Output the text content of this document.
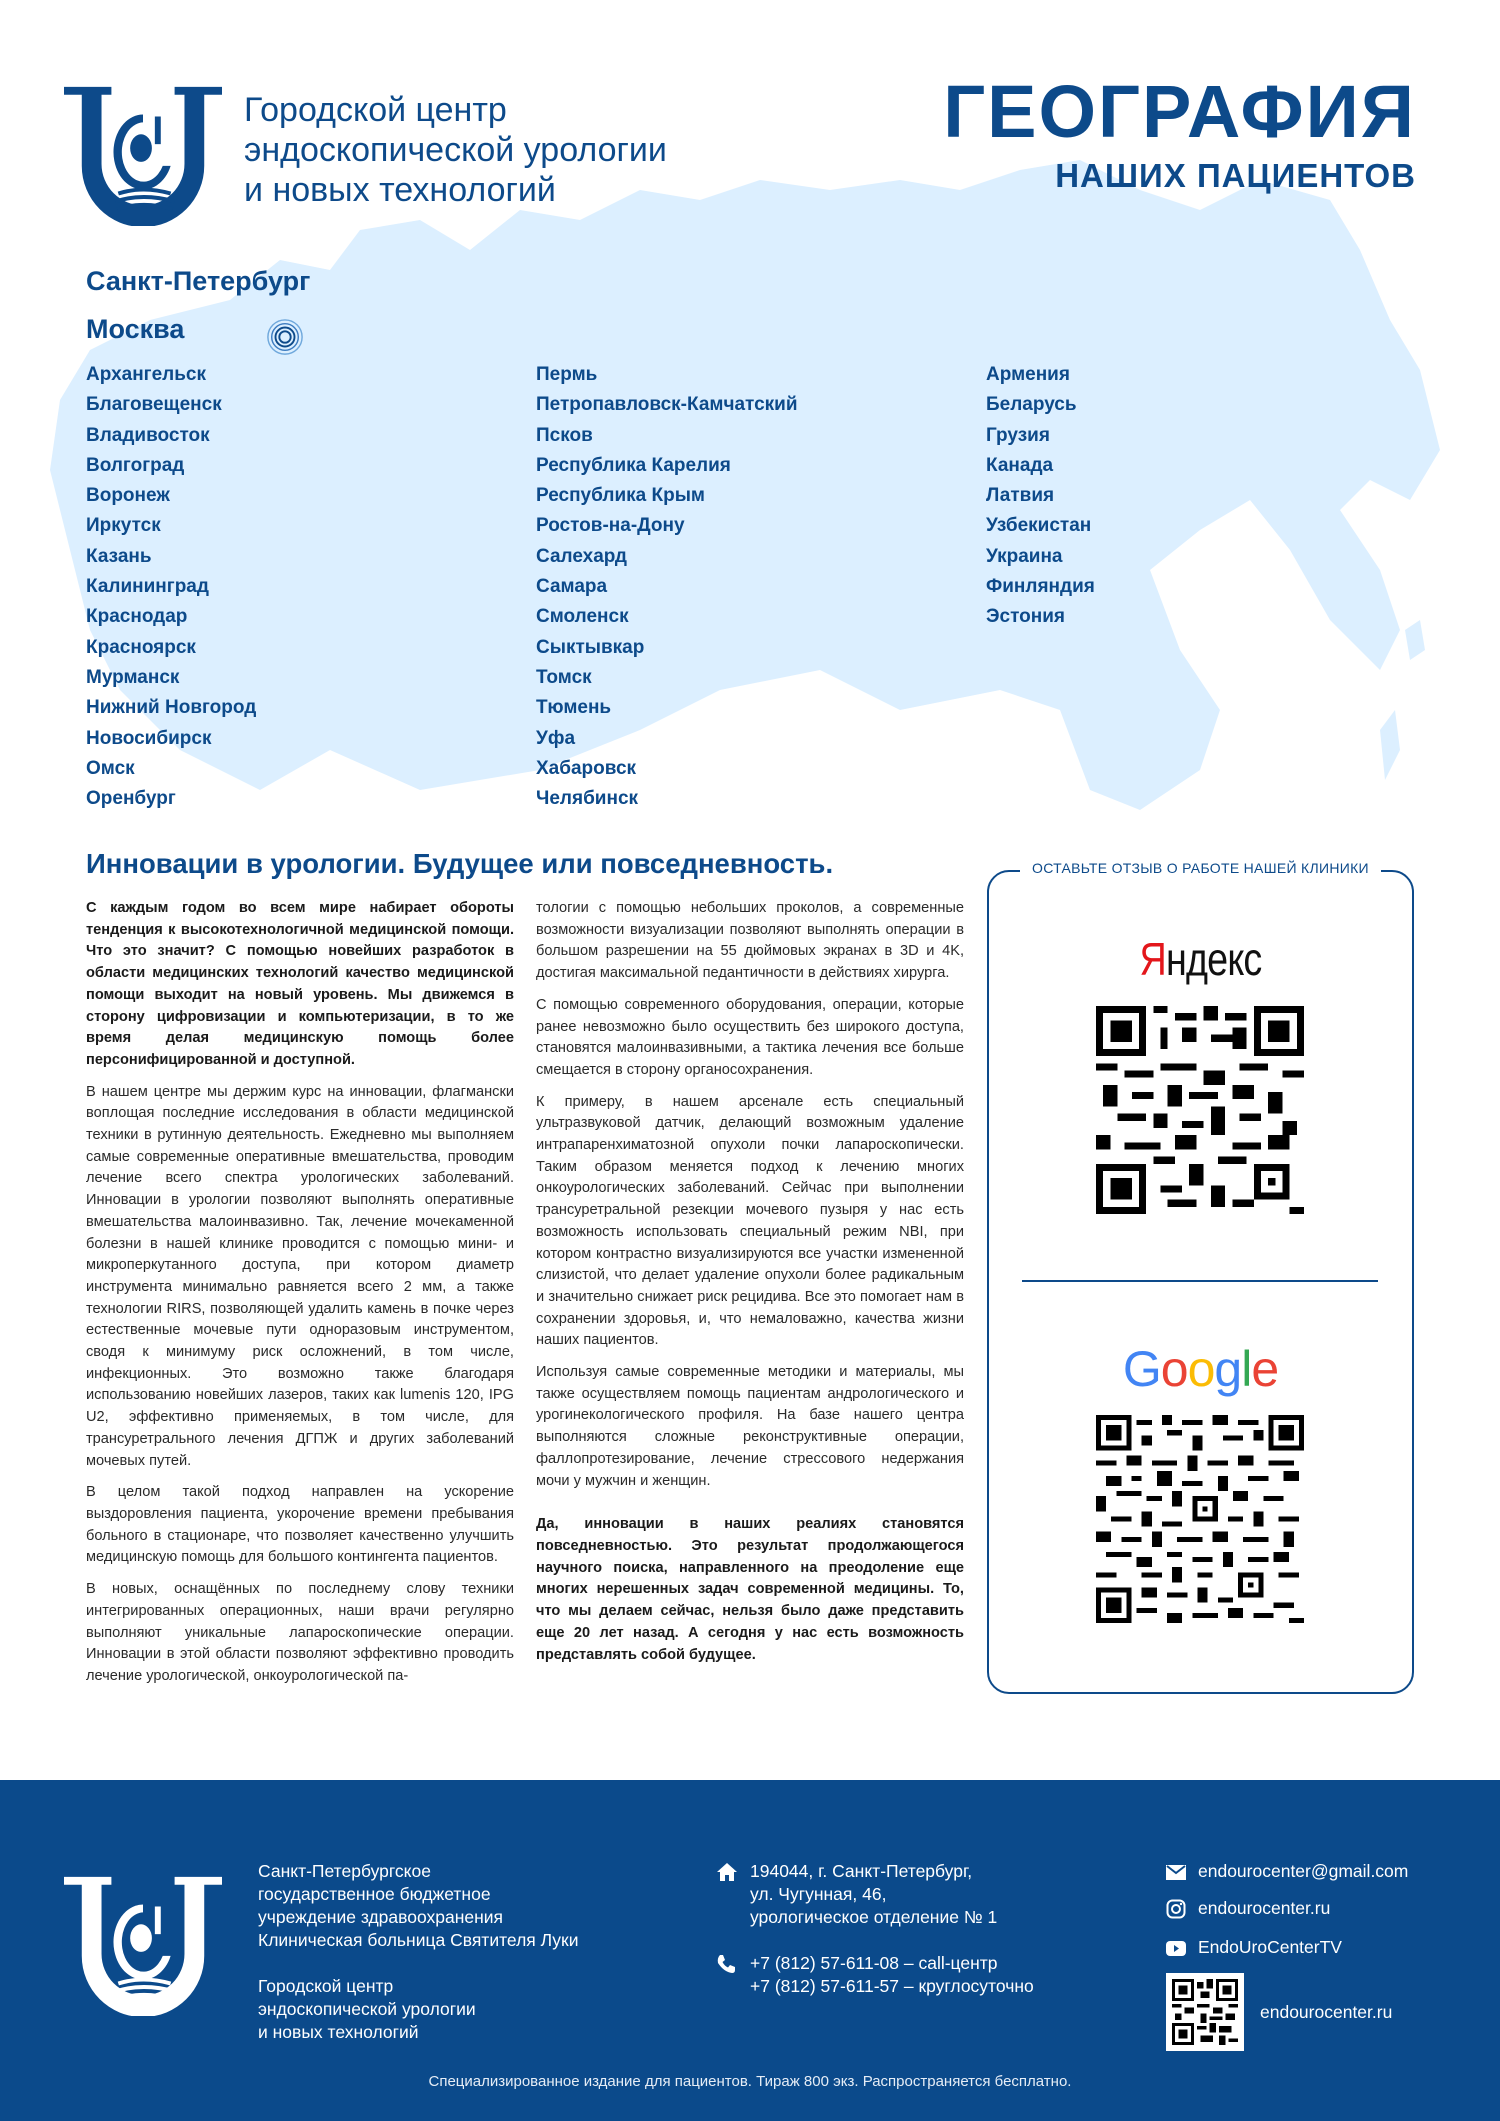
Городской центр
эндоскопической урологии
и новых технологий
ГЕОГРАФИЯ
НАШИХ ПАЦИЕНТОВ
Санкт-Петербург
Москва
Архангельск
Благовещенск
Владивосток
Волгоград
Воронеж
Иркутск
Казань
Калининград
Краснодар
Красноярск
Мурманск
Нижний Новгород
Новосибирск
Омск
Оренбург
Пермь
Петропавловск-Камчатский
Псков
Республика Карелия
Республика Крым
Ростов-на-Дону
Салехард
Самара
Смоленск
Сыктывкар
Томск
Тюмень
Уфа
Хабаровск
Челябинск
Армения
Беларусь
Грузия
Канада
Латвия
Узбекистан
Украина
Финляндия
Эстония
Инновации в урологии. Будущее или повседневность.

С каждым годом во всем мире набирает обороты тенденция к высокотехнологичной медицинской помощи. Что это значит? С помощью новейших разработок в области медицинских технологий качество медицинской помощи выходит на новый уровень. Мы движемся в сторону цифровизации и компьютеризации, в то же время делая медицинскую помощь более персонифицированной и доступной.

В нашем центре мы держим курс на инновации, флагмански воплощая последние исследования в области медицинской техники в рутинную деятельность. Ежедневно мы выполняем самые современные оперативные вмешательства, проводим лечение всего спектра урологических заболеваний. Инновации в урологии позволяют выполнять оперативные вмешательства малоинвазивно. Так, лечение мочекаменной болезни в нашей клинике проводится с помощью мини- и микроперкутанного доступа, при котором диаметр инструмента минимально равняется всего 2 мм, а также технологии RIRS, позволяющей удалить камень в почке через естественные мочевые пути одноразовым инструментом, сводя к минимуму риск осложнений, в том числе, инфекционных. Это возможно также благодаря использованию новейших лазеров, таких как lumenis 120, IPG U2, эффективно применяемых, в том числе, для трансуретрального лечения ДГПЖ и других заболеваний мочевых путей.

В целом такой подход направлен на ускорение выздоровления пациента, укорочение времени пребывания больного в стационаре, что позволяет качественно улучшить медицинскую помощь для большого контингента пациентов.

В новых, оснащённых по последнему слову техники интегрированных операционных, наши врачи регулярно выполняют уникальные лапароскопические операции. Инновации в этой области позволяют эффективно проводить лечение урологической, онкоурологической па-

тологии с помощью небольших проколов, а современные возможности визуализации позволяют выполнять операции в большом разрешении на 55 дюймовых экранах в 3D и 4K, достигая максимальной педантичности в действиях хирурга.

С помощью современного оборудования, операции, которые ранее невозможно было осуществить без широкого доступа, становятся малоинвазивными, а тактика лечения все больше смещается в сторону органосохранения.

К примеру, в нашем арсенале есть специальный ультразвуковой датчик, делающий возможным удаление интрапаренхиматозной опухоли почки лапароскопически. Таким образом меняется подход к лечению многих онкоурологических заболеваний. Сейчас при выполнении трансуретральной резекции мочевого пузыря у нас есть возможность использовать специальный режим NBI, при котором контрастно визуализируются все участки измененной слизистой, что делает удаление опухоли более радикальным и значительно снижает риск рецидива. Все это помогает нам в сохранении здоровья, и, что немаловажно, качества жизни наших пациентов.

Используя самые современные методики и материалы, мы также осуществляем помощь пациентам андрологического и урогинекологического профиля. На базе нашего центра выполняются сложные реконструктивные операции, фаллопротезирование, лечение стрессового недержания мочи у мужчин и женщин.

Да, инновации в наших реалиях становятся повседневностью. Это результат продолжающегося научного поиска, направленного на преодоление еще многих нерешенных задач современной медицины. То, что мы делаем сейчас, нельзя было даже представить еще 20 лет назад. А сегодня у нас есть возможность представлять собой будущее.

ОСТАВЬТЕ ОТЗЫВ О РАБОТЕ НАШЕЙ КЛИНИКИ
Яндекс
Google
Санкт-Петербургское
государственное бюджетное
учреждение здравоохранения
Клиническая больница Святителя Луки
Городской центр
эндоскопической урологии
и новых технологий
194044, г. Санкт-Петербург,
ул. Чугунная, 46,
урологическое отделение № 1
+7 (812) 57-611-08 – call-центр
+7 (812) 57-611-57 – круглосуточно
endourocenter@gmail.com
endourocenter.ru
EndoUroCenterTV
endourocenter.ru
Специализированное издание для пациентов. Тираж 800 экз. Распространяется бесплатно.
